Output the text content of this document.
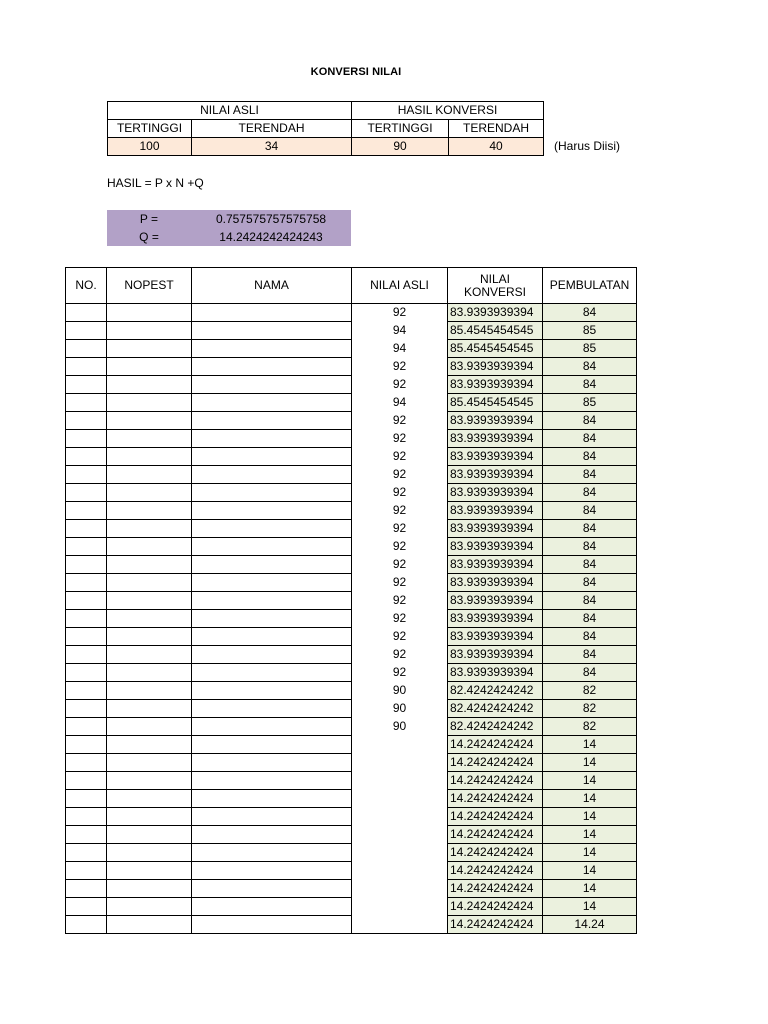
KONVERSI NILAI
NILAI ASLI		HASIL KONVERSI	
TERTINGGI	TERENDAH	TERTINGGI	TERENDAH
100	34	90	40	(Harus Diisi)
HASIL = P x N +Q
P =	0.757575757575758
Q =	14.2424242424243
NO.	NOPEST	NAMA	NILAI ASLI	NILAI KONVERSI	PEMBULATAN
			92	83.9393939394	84
			94	85.4545454545	85
			94	85.4545454545	85
			92	83.9393939394	84
			92	83.9393939394	84
			94	85.4545454545	85
			92	83.9393939394	84
			92	83.9393939394	84
			92	83.9393939394	84
			92	83.9393939394	84
			92	83.9393939394	84
			92	83.9393939394	84
			92	83.9393939394	84
			92	83.9393939394	84
			92	83.9393939394	84
			92	83.9393939394	84
			92	83.9393939394	84
			92	83.9393939394	84
			92	83.9393939394	84
			92	83.9393939394	84
			92	83.9393939394	84
			90	82.4242424242	82
			90	82.4242424242	82
			90	82.4242424242	82
				14.2424242424	14
				14.2424242424	14
				14.2424242424	14
				14.2424242424	14
				14.2424242424	14
				14.2424242424	14
				14.2424242424	14
				14.2424242424	14
				14.2424242424	14
				14.2424242424	14
				14.2424242424	14.24
